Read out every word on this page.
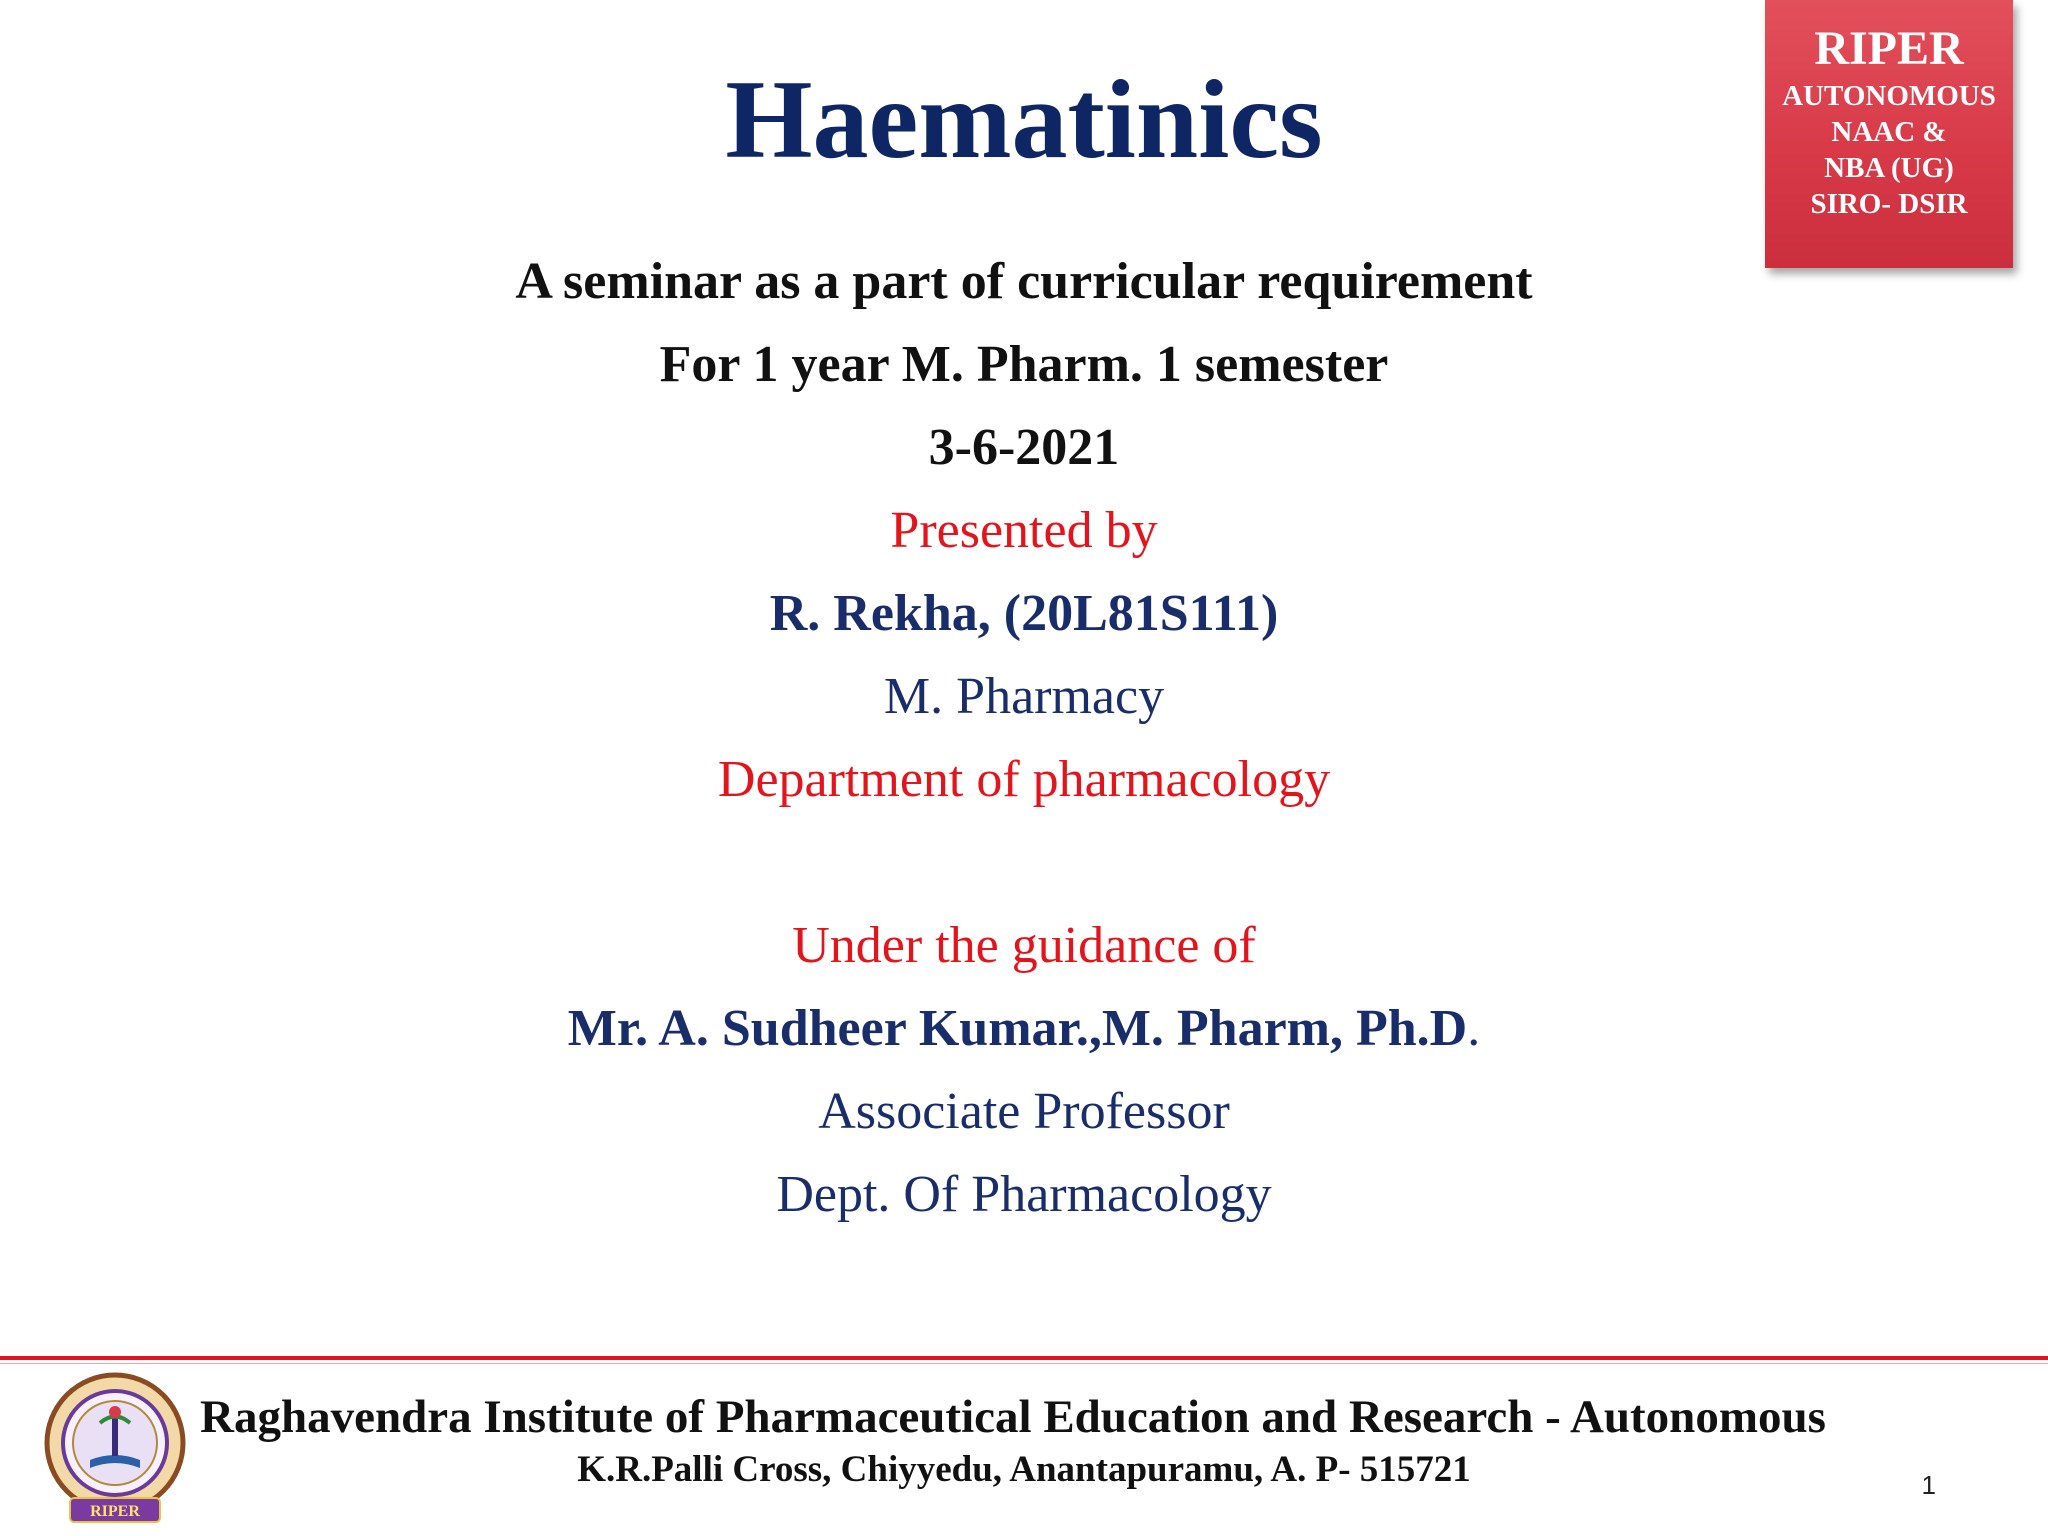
Haematinics
RIPER
AUTONOMOUS
NAAC &
NBA (UG)
SIRO- DSIR
A seminar as a part of curricular requirement
For 1 year M. Pharm. 1 semester
3-6-2021
Presented by
R. Rekha, (20L81S111)
M. Pharmacy
Department of pharmacology
Under the guidance of
Mr. A. Sudheer Kumar.,M. Pharm, Ph.D.
Associate Professor
Dept. Of Pharmacology
RIPER
Raghavendra Institute of Pharmaceutical Education and Research - Autonomous
K.R.Palli Cross, Chiyyedu, Anantapuramu, A. P- 515721	1
